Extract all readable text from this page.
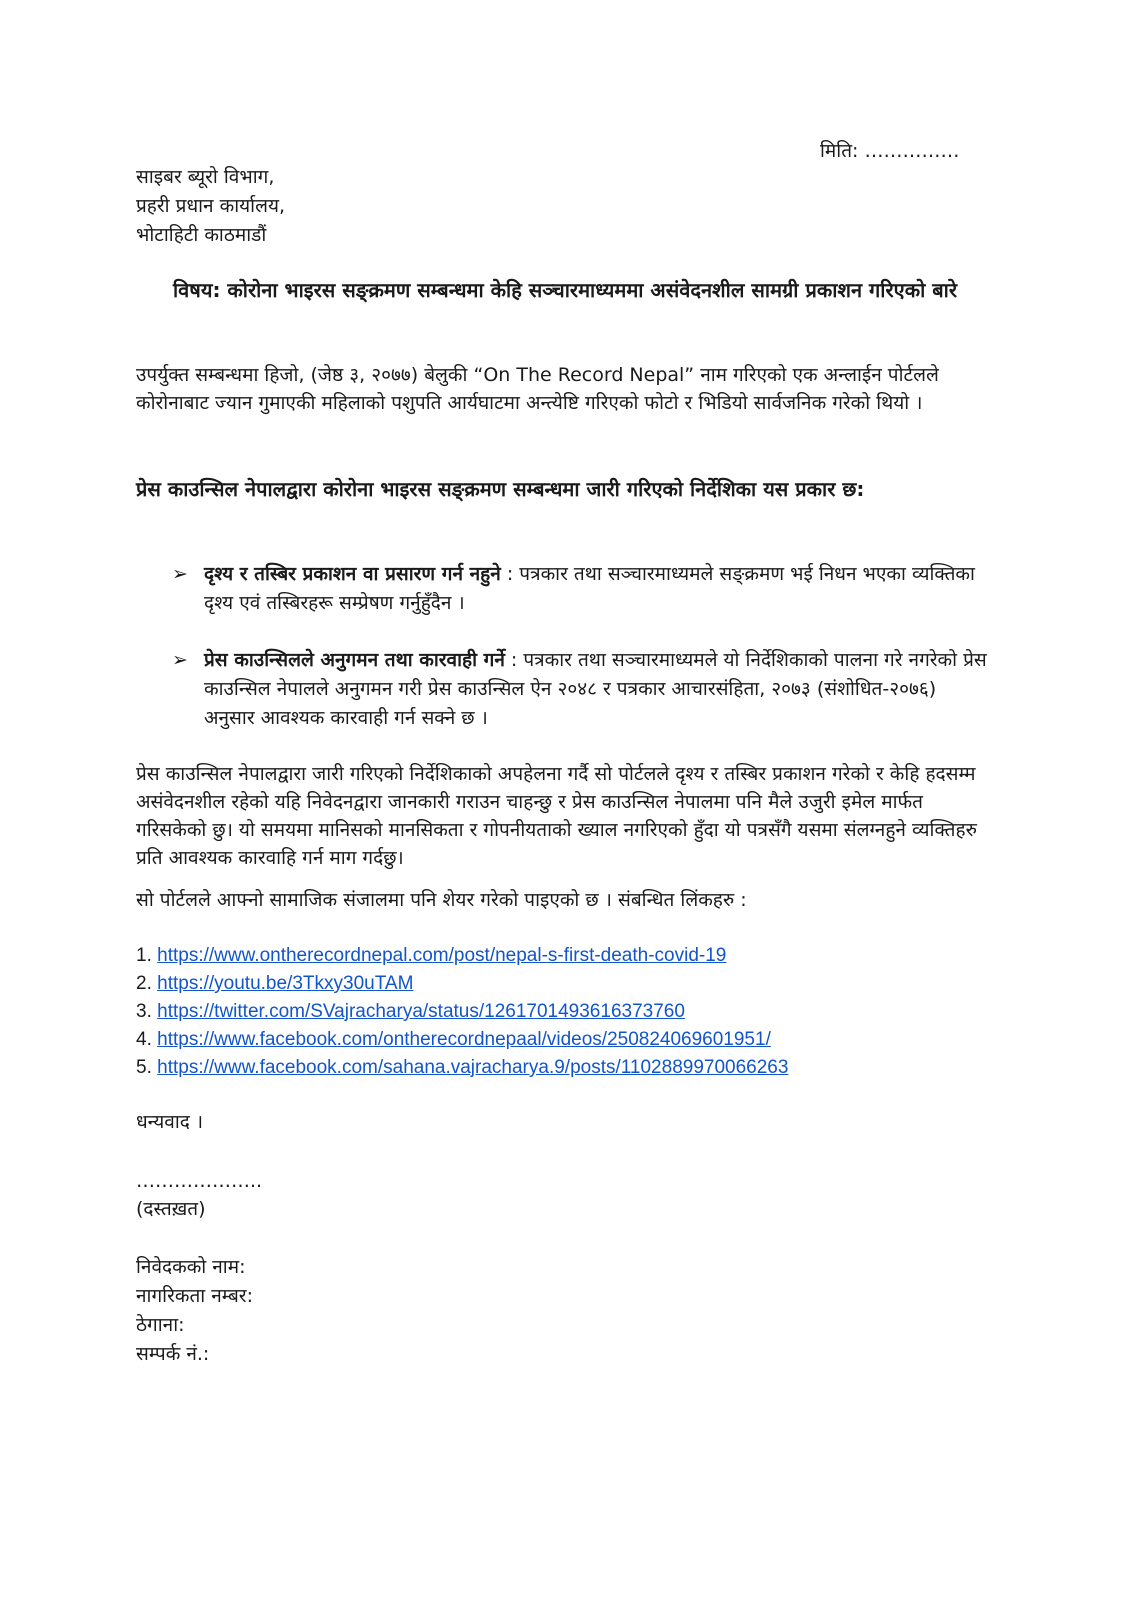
मिति: ……………
साइबर ब्यूरो विभाग,
प्रहरी प्रधान कार्यालय,
भोटाहिटी काठमाडौं
विषय: कोरोना भाइरस सङ्क्रमण सम्बन्धमा केहि सञ्चारमाध्यममा असंवेदनशील सामग्री प्रकाशन गरिएको बारे
उपर्युक्त सम्बन्धमा हिजो, (जेष्ठ ३, २०७७) बेलुकी “On The Record Nepal” नाम गरिएको एक अन्लाईन पोर्टलले कोरोनाबाट ज्यान गुमाएकी महिलाको पशुपति आर्यघाटमा अन्त्येष्टि गरिएको फोटो र भिडियो सार्वजनिक गरेको थियो ।
प्रेस काउन्सिल नेपालद्वारा कोरोना भाइरस सङ्क्रमण सम्बन्धमा जारी गरिएको निर्देशिका यस प्रकार छ:
➢ दृश्य र तस्बिर प्रकाशन वा प्रसारण गर्न नहुने : पत्रकार तथा सञ्चारमाध्यमले सङ्क्रमण भई निधन भएका व्यक्तिका दृश्य एवं तस्बिरहरू सम्प्रेषण गर्नुहुँदैन ।
➢ प्रेस काउन्सिलले अनुगमन तथा कारवाही गर्ने : पत्रकार तथा सञ्चारमाध्यमले यो निर्देशिकाको पालना गरे नगरेको प्रेस काउन्सिल नेपालले अनुगमन गरी प्रेस काउन्सिल ऐन २०४८ र पत्रकार आचारसंहिता, २०७३ (संशोधित-२०७६) अनुसार आवश्यक कारवाही गर्न सक्ने छ ।
प्रेस काउन्सिल नेपालद्वारा जारी गरिएको निर्देशिकाको अपहेलना गर्दै सो पोर्टलले दृश्य र तस्बिर प्रकाशन गरेको र केहि हदसम्म असंवेदनशील रहेको यहि निवेदनद्वारा जानकारी गराउन चाहन्छु र प्रेस काउन्सिल नेपालमा पनि मैले उजुरी इमेल मार्फत गरिसकेको छु। यो समयमा मानिसको मानसिकता र गोपनीयताको ख्याल नगरिएको हुँदा यो पत्रसँगै यसमा संलग्नहुने व्यक्तिहरु प्रति आवश्यक कारवाहि गर्न माग गर्दछु।
सो पोर्टलले आफ्नो सामाजिक संजालमा पनि शेयर गरेको पाइएको छ । संबन्धित लिंकहरु :
1. https://www.ontherecordnepal.com/post/nepal-s-first-death-covid-19
2. https://youtu.be/3Tkxy30uTAM
3. https://twitter.com/SVajracharya/status/1261701493616373760
4. https://www.facebook.com/ontherecordnepaal/videos/250824069601951/
5. https://www.facebook.com/sahana.vajracharya.9/posts/1102889970066263
धन्यवाद ।
………………..
(दस्तख़त)
निवेदकको नाम:
नागरिकता नम्बर:
ठेगाना:
सम्पर्क नं.:
